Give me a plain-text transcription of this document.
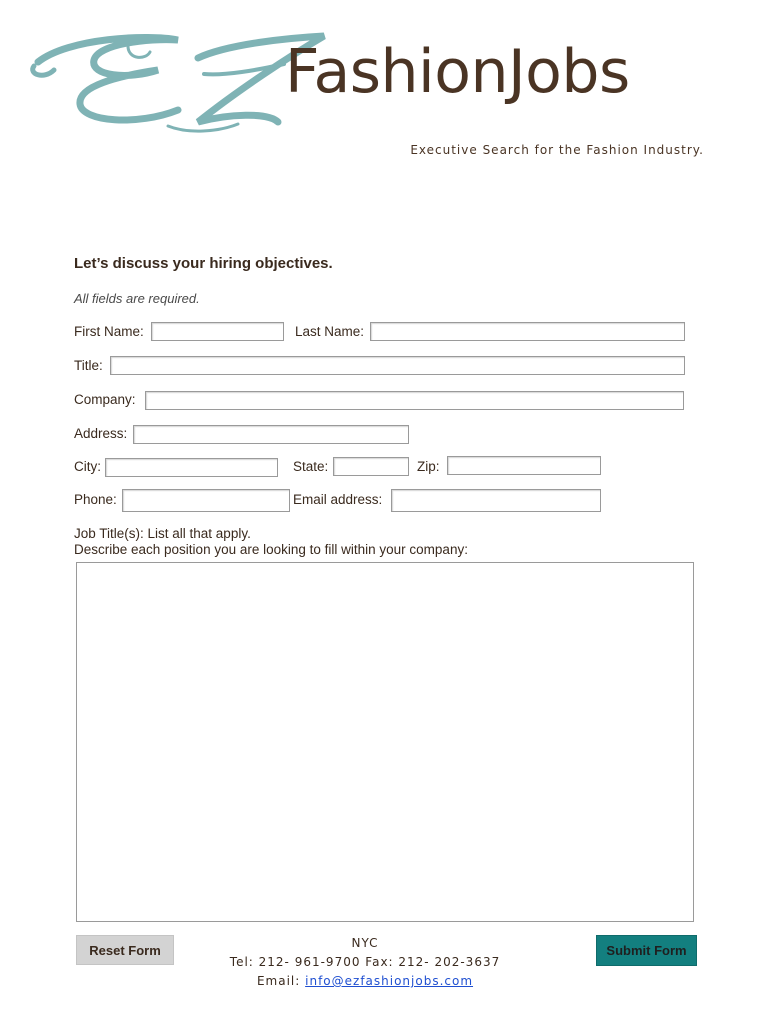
FashionJobs
Executive Search for the Fashion Industry.
Let’s discuss your hiring objectives.
All fields are required.
First Name:	Last Name:
Title:
Company:
Address:
City:	State:	Zip:
Phone:	Email address:
Job Title(s): List all that apply.
Describe each position you are looking to fill within your company:
Reset Form	Submit Form
NYC
Tel: 212- 961-9700 Fax: 212- 202-3637
Email: info@ezfashionjobs.com
